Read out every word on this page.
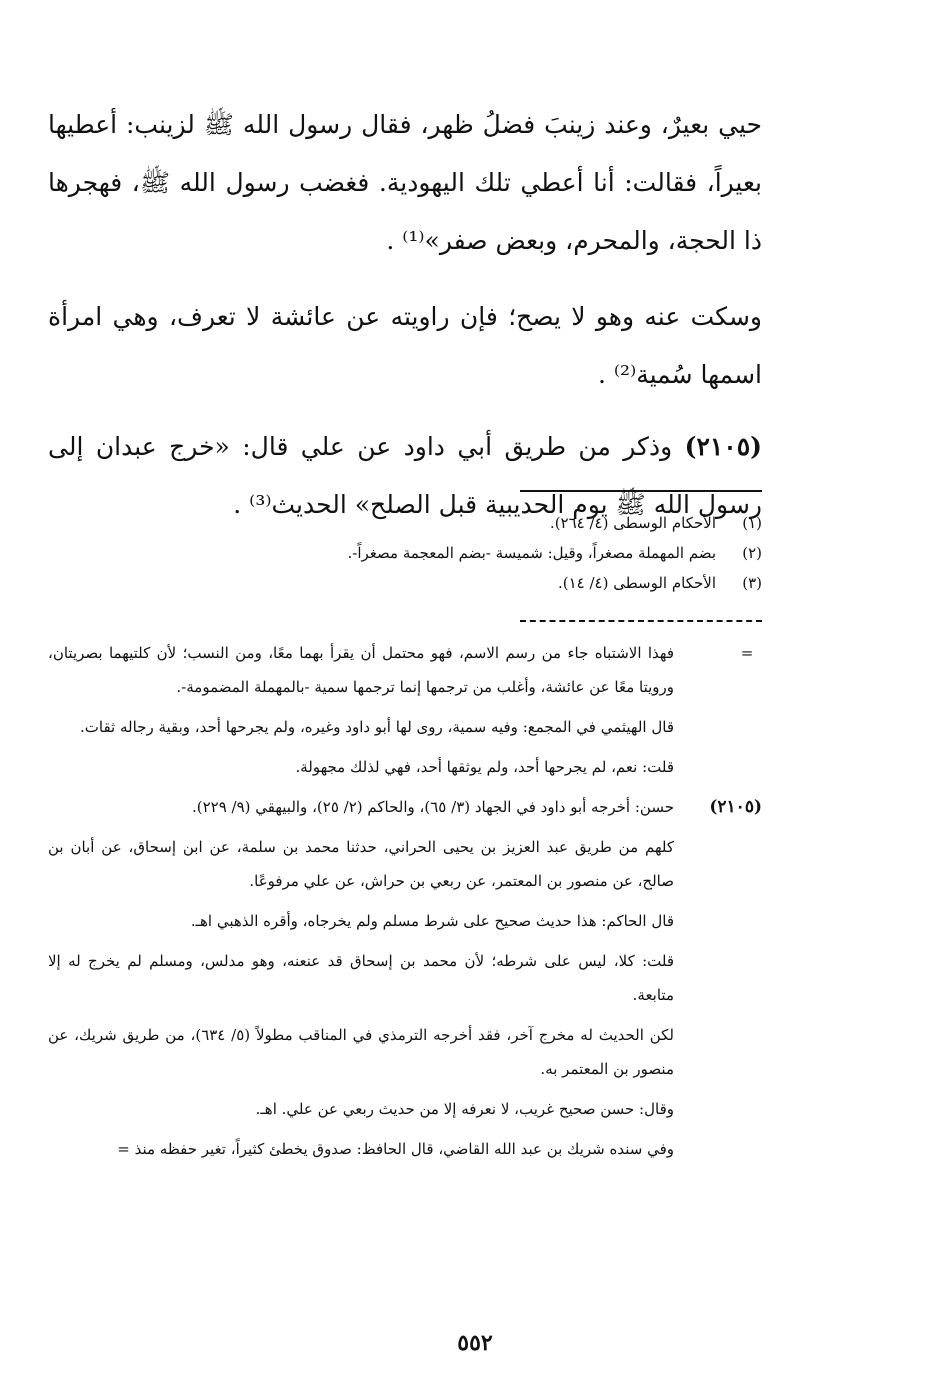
حيي بعيرٌ، وعند زينبَ فضلُ ظهر، فقال رسول الله ﷺ لزينب: أعطيها بعيراً، فقالت: أنا أعطي تلك اليهودية. فغضب رسول الله ﷺ، فهجرها ذا الحجة، والمحرم، وبعض صفر»⁽¹⁾ .

وسكت عنه وهو لا يصح؛ فإن راويته عن عائشة لا تعرف، وهي امرأة اسمها سُمية⁽²⁾ .

(٢١٠٥) وذكر من طريق أبي داود عن علي قال: «خرج عبدان إلى رسول الله ﷺ يوم الحديبية قبل الصلح» الحديث⁽³⁾ .

(١)
الأحكام الوسطى (٤/ ٢٦٤).
(٢)
بضم المهملة مصغراً، وقيل: شميسة -بضم المعجمة مصغراً-.
(٣)
الأحكام الوسطى (٤/ ١٤).
=
فهذا الاشتباه جاء من رسم الاسم، فهو محتمل أن يقرأ بهما معًا، ومن النسب؛ لأن كلتيهما بصريتان، ورويتا معًا عن عائشة، وأغلب من ترجمها إنما ترجمها سمية -بالمهملة المضمومة-.
قال الهيثمي في المجمع: وفيه سمية، روى لها أبو داود وغيره، ولم يجرحها أحد، وبقية رجاله ثقات.
قلت: نعم، لم يجرحها أحد، ولم يوثقها أحد، فهي لذلك مجهولة.
(٢١٠٥)
حسن: أخرجه أبو داود في الجهاد (٣/ ٦٥)، والحاكم (٢/ ٢٥)، والبيهقي (٩/ ٢٢٩).
كلهم من طريق عبد العزيز بن يحيى الحراني، حدثنا محمد بن سلمة، عن ابن إسحاق، عن أبان بن صالح، عن منصور بن المعتمر، عن ربعي بن حراش، عن علي مرفوعًا.
قال الحاكم: هذا حديث صحيح على شرط مسلم ولم يخرجاه، وأقره الذهبي اهـ.
قلت: كلا، ليس على شرطه؛ لأن محمد بن إسحاق قد عنعنه، وهو مدلس، ومسلم لم يخرج له إلا متابعة.
لكن الحديث له مخرج آخر، فقد أخرجه الترمذي في المناقب مطولاً (٥/ ٦٣٤)، من طريق شريك، عن منصور بن المعتمر به.
وقال: حسن صحيح غريب، لا نعرفه إلا من حديث ربعي عن علي. اهـ.
وفي سنده شريك بن عبد الله القاضي، قال الحافظ: صدوق يخطئ كثيراً، تغير حفظه منذ =
٥٥٢
